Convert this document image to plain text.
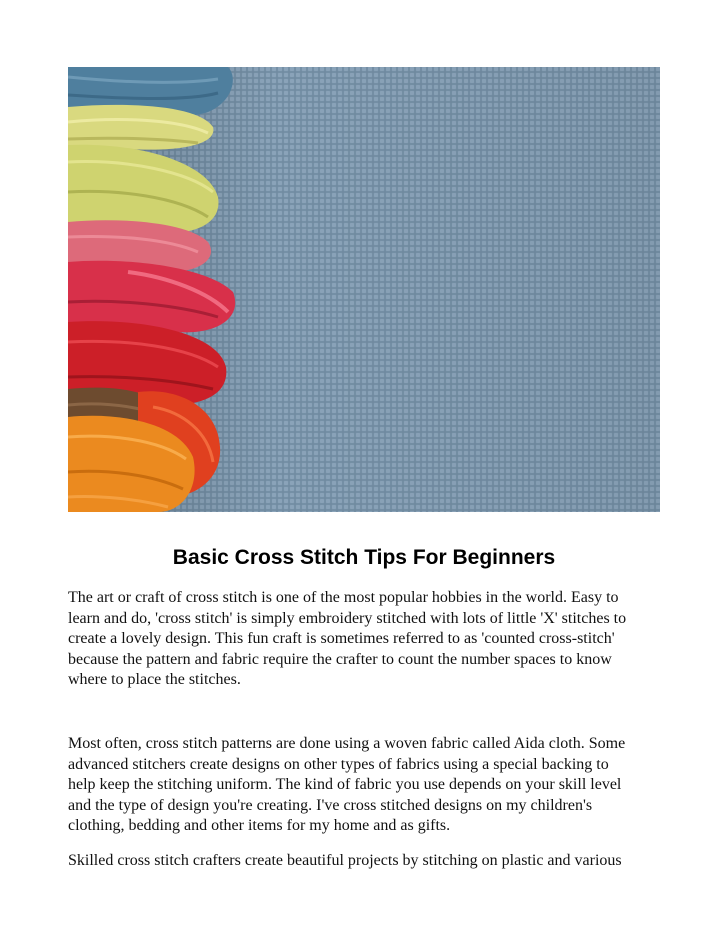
Basic Cross Stitch Tips For Beginners

The art or craft of cross stitch is one of the most popular hobbies in the world. Easy to
learn and do, 'cross stitch' is simply embroidery stitched with lots of little 'X' stitches to
create a lovely design. This fun craft is sometimes referred to as 'counted cross-stitch'
because the pattern and fabric require the crafter to count the number spaces to know
where to place the stitches.

Most often, cross stitch patterns are done using a woven fabric called Aida cloth. Some
advanced stitchers create designs on other types of fabrics using a special backing to
help keep the stitching uniform. The kind of fabric you use depends on your skill level
and the type of design you're creating. I've cross stitched designs on my children's
clothing, bedding and other items for my home and as gifts.

Skilled cross stitch crafters create beautiful projects by stitching on plastic and various
